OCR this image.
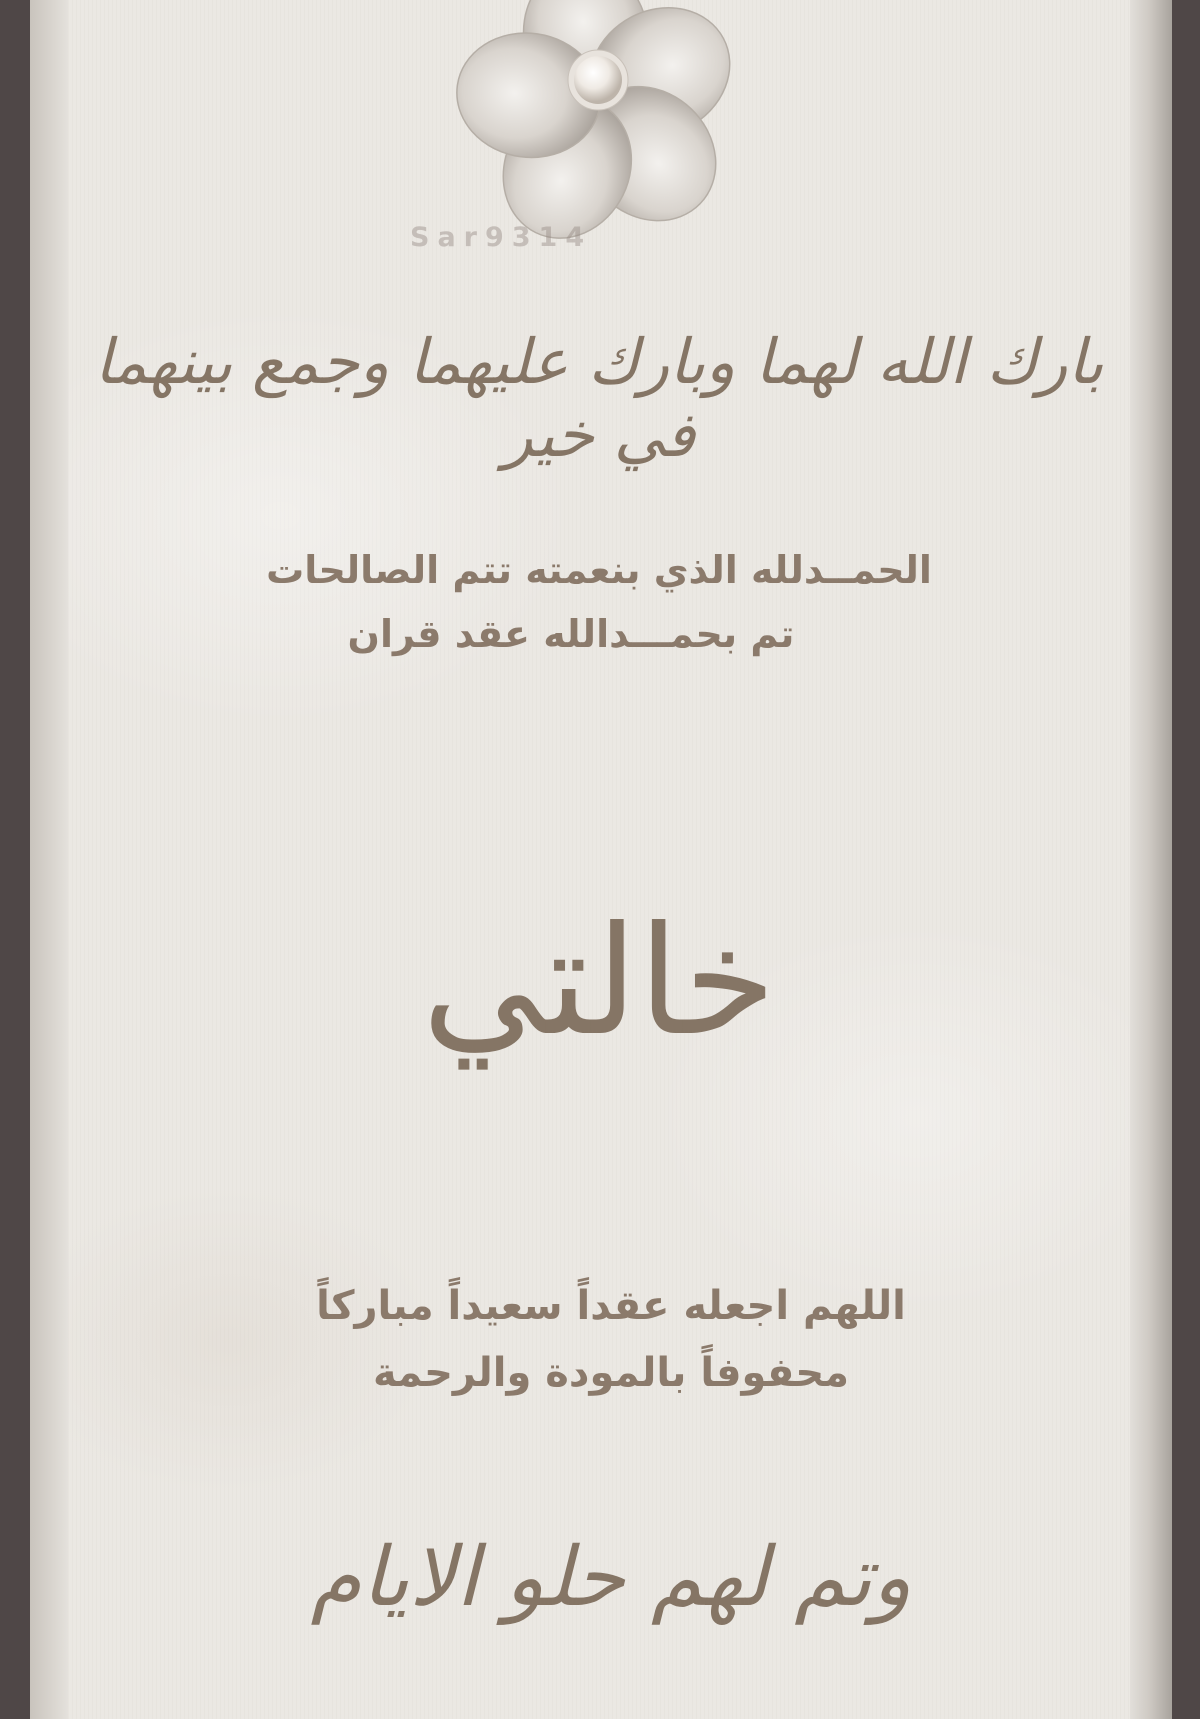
Sar9314
بارك الله لهما وبارك عليهما وجمع بينهما في خير
الحمــدلله الذي بنعمته تتم الصالحات
تم بحمـــدالله عقد قران
خالتي
اللهم اجعله عقداً سعيداً مباركاً
محفوفاً بالمودة والرحمة
وتم لهم حلو الايام
